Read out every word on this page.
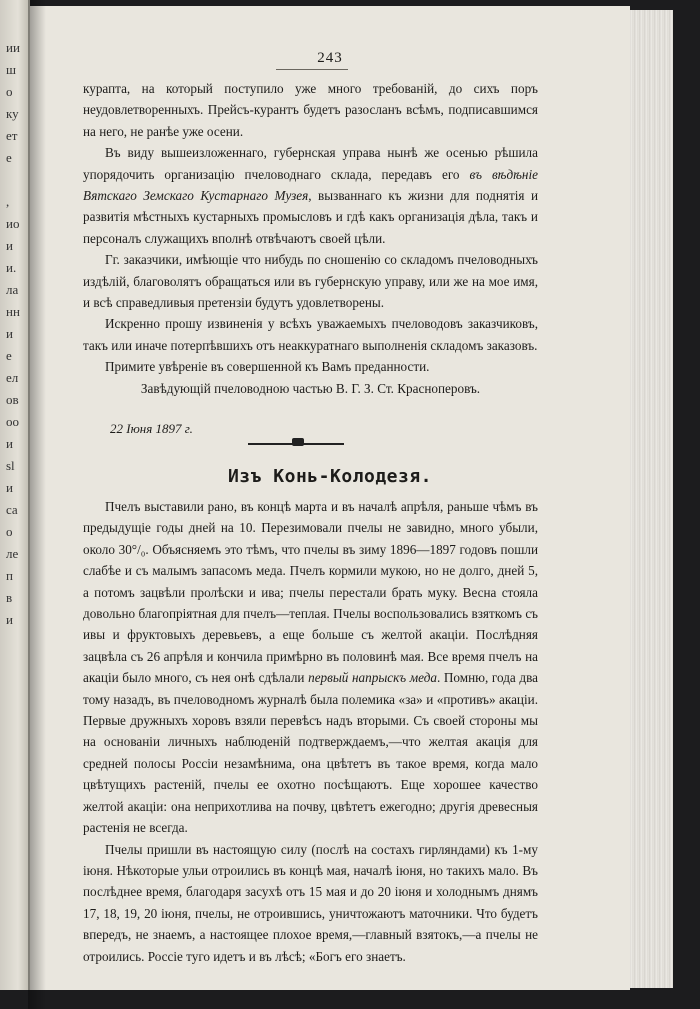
ии
ш
о
ку
ет
е
,
ио
и
и.
ла
нн
и
е
ел
ов
оо
и
sl
и
са
о
ле
п
в
и
243

курапта, на который поступило уже много требованій, до сихъ поръ неудовлетворенныхъ. Прейсъ-курантъ будетъ разосланъ всѣмъ, подписавшимся на него, не ранѣе уже осени.

Въ виду вышеизложеннаго, губернская управа нынѣ же осенью рѣшила упорядочить организацію пчеловоднаго склада, передавъ его въ вѣдѣніе Вятскаго Земскаго Кустарнаго Музея, вызваннаго къ жизни для поднятія и развитія мѣстныхъ кустарныхъ промысловъ и гдѣ какъ организація дѣла, такъ и персоналъ служащихъ вполнѣ отвѣчаютъ своей цѣли.

Гг. заказчики, имѣющіе что нибудь по сношенію со складомъ пчеловодныхъ издѣлій, благоволятъ обращаться или въ губернскую управу, или же на мое имя, и всѣ справедливыя претензіи будутъ удовлетворены.

Искренно прошу извиненія у всѣхъ уважаемыхъ пчеловодовъ заказчиковъ, такъ или иначе потерпѣвшихъ отъ неаккуратнаго выполненія складомъ заказовъ.

Примите увѣреніе въ совершенной къ Вамъ преданности.

Завѣдующій пчеловодною частью В. Г. З. Ст. Красноперовъ.

22 Іюня 1897 г.
Изъ Конь-Колодезя.

Пчелъ выставили рано, въ концѣ марта и въ началѣ апрѣля, раньше чѣмъ въ предыдущіе годы дней на 10. Перезимовали пчелы не завидно, много убыли, около 30°/₀. Объясняемъ это тѣмъ, что пчелы въ зиму 1896—1897 годовъ пошли слабѣе и съ малымъ запасомъ меда. Пчелъ кормили мукою, но не долго, дней 5, а потомъ зацвѣли пролѣски и ива; пчелы перестали брать муку. Весна стояла довольно благопріятная для пчелъ—теплая. Пчелы воспользовались взяткомъ съ ивы и фруктовыхъ деревьевъ, а еще больше съ желтой акаціи. Послѣдняя зацвѣла съ 26 апрѣля и кончила примѣрно въ половинѣ мая. Все время пчелъ на акаціи было много, съ нея онѣ сдѣлали первый напрыскъ меда. Помню, года два тому назадъ, въ пчеловодномъ журналѣ была полемика «за» и «противъ» акаціи. Первые дружныхъ хоровъ взяли перевѣсъ надъ вторыми. Съ своей стороны мы на основаніи личныхъ наблюденій подтверждаемъ,—что желтая акація для средней полосы Россіи незамѣнима, она цвѣтетъ въ такое время, когда мало цвѣтущихъ растеній, пчелы ее охотно посѣщаютъ. Еще хорошее качество желтой акаціи: она неприхотлива на почву, цвѣтетъ ежегодно; другія древесныя растенія не всегда.

Пчелы пришли въ настоящую силу (послѣ на состахъ гирляндами) къ 1-му іюня. Нѣкоторые ульи отроились въ концѣ мая, началѣ іюня, но такихъ мало. Въ послѣднее время, благодаря засухѣ отъ 15 мая и до 20 іюня и холоднымъ днямъ 17, 18, 19, 20 іюня, пчелы, не отроившись, уничтожаютъ маточники. Что будетъ впередъ, не знаемъ, а настоящее плохое время,—главный взятокъ,—а пчелы не отроились. Россіе туго идетъ и въ лѣсѣ; «Богъ его знаетъ.
